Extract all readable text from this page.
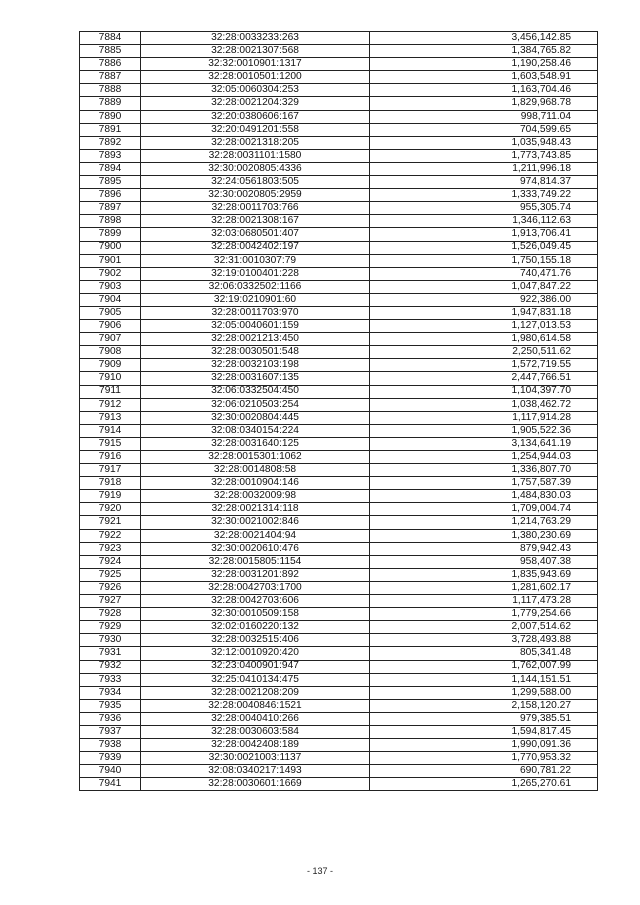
7884	32:28:0033233:263	3,456,142.85
7885	32:28:0021307:568	1,384,765.82
7886	32:32:0010901:1317	1,190,258.46
7887	32:28:0010501:1200	1,603,548.91
7888	32:05:0060304:253	1,163,704.46
7889	32:28:0021204:329	1,829,968.78
7890	32:20:0380606:167	998,711.04
7891	32:20:0491201:558	704,599.65
7892	32:28:0021318:205	1,035,948.43
7893	32:28:0031101:1580	1,773,743.85
7894	32:30:0020805:4336	1,211,996.18
7895	32:24:0561803:505	974,814.37
7896	32:30:0020805:2959	1,333,749.22
7897	32:28:0011703:766	955,305.74
7898	32:28:0021308:167	1,346,112.63
7899	32:03:0680501:407	1,913,706.41
7900	32:28:0042402:197	1,526,049.45
7901	32:31:0010307:79	1,750,155.18
7902	32:19:0100401:228	740,471.76
7903	32:06:0332502:1166	1,047,847.22
7904	32:19:0210901:60	922,386.00
7905	32:28:0011703:970	1,947,831.18
7906	32:05:0040601:159	1,127,013.53
7907	32:28:0021213:450	1,980,614.58
7908	32:28:0030501:548	2,250,511.62
7909	32:28:0032103:198	1,572,719.55
7910	32:28:0031607:135	2,447,766.51
7911	32:06:0332504:450	1,104,397.70
7912	32:06:0210503:254	1,038,462.72
7913	32:30:0020804:445	1,117,914.28
7914	32:08:0340154:224	1,905,522.36
7915	32:28:0031640:125	3,134,641.19
7916	32:28:0015301:1062	1,254,944.03
7917	32:28:0014808:58	1,336,807.70
7918	32:28:0010904:146	1,757,587.39
7919	32:28:0032009:98	1,484,830.03
7920	32:28:0021314:118	1,709,004.74
7921	32:30:0021002:846	1,214,763.29
7922	32:28:0021404:94	1,380,230.69
7923	32:30:0020610:476	879,942.43
7924	32:28:0015805:1154	958,407.38
7925	32:28:0031201:892	1,835,943.69
7926	32:28:0042703:1700	1,281,602.17
7927	32:28:0042703:606	1,117,473.28
7928	32:30:0010509:158	1,779,254.66
7929	32:02:0160220:132	2,007,514.62
7930	32:28:0032515:406	3,728,493.88
7931	32:12:0010920:420	805,341.48
7932	32:23:0400901:947	1,762,007.99
7933	32:25:0410134:475	1,144,151.51
7934	32:28:0021208:209	1,299,588.00
7935	32:28:0040846:1521	2,158,120.27
7936	32:28:0040410:266	979,385.51
7937	32:28:0030603:584	1,594,817.45
7938	32:28:0042408:189	1,990,091.36
7939	32:30:0021003:1137	1,770,953.32
7940	32:08:0340217:1493	690,781.22
7941	32:28:0030601:1669	1,265,270.61
- 137 -
